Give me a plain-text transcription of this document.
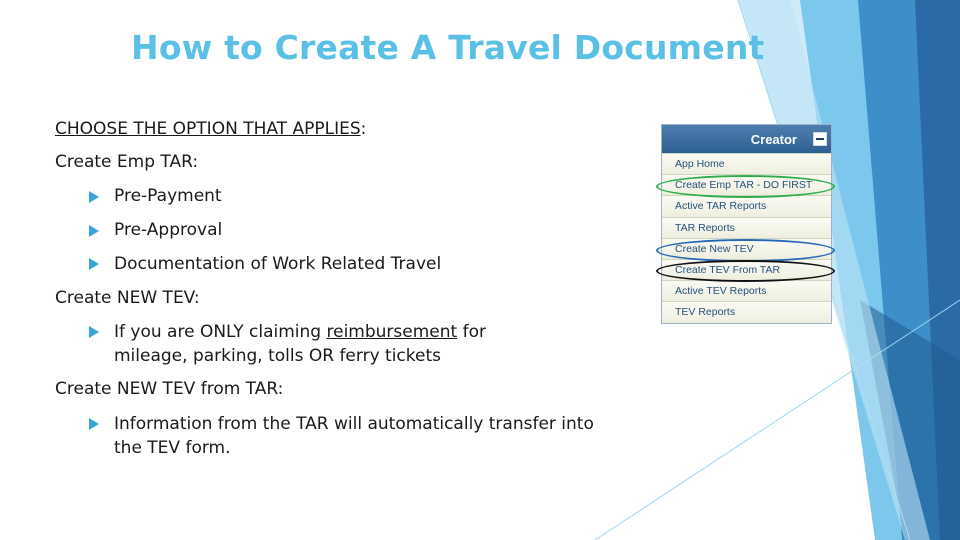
How to Create A Travel Document
CHOOSE THE OPTION THAT APPLIES:
Create Emp TAR:
Pre-Payment
Pre-Approval
Documentation of Work Related Travel
Create NEW TEV:
If you are ONLY claiming reimbursement for mileage, parking, tolls OR ferry tickets
Create NEW TEV from TAR:
Information from the TAR will automatically transfer into the TEV form.
Creator
App Home
Create Emp TAR - DO FIRST
Active TAR Reports
TAR Reports
Create New TEV
Create TEV From TAR
Active TEV Reports
TEV Reports
